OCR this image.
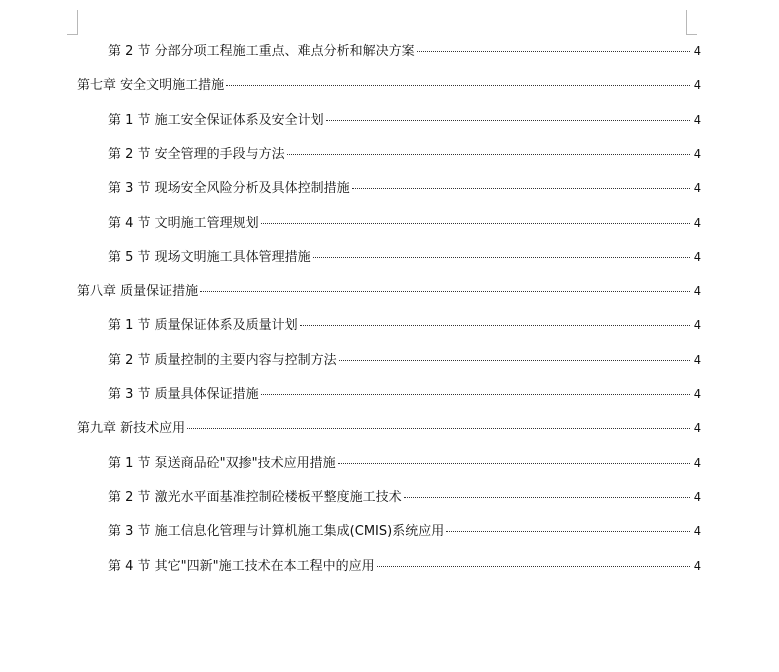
第 2 节 分部分项工程施工重点、难点分析和解决方案	4
第七章 安全文明施工措施	4
第 1 节 施工安全保证体系及安全计划	4
第 2 节 安全管理的手段与方法	4
第 3 节 现场安全风险分析及具体控制措施	4
第 4 节 文明施工管理规划	4
第 5 节 现场文明施工具体管理措施	4
第八章 质量保证措施	4
第 1 节 质量保证体系及质量计划	4
第 2 节 质量控制的主要内容与控制方法	4
第 3 节 质量具体保证措施	4
第九章 新技术应用	4
第 1 节 泵送商品砼"双掺"技术应用措施	4
第 2 节 激光水平面基准控制砼楼板平整度施工技术	4
第 3 节 施工信息化管理与计算机施工集成(CMIS)系统应用	4
第 4 节 其它"四新"施工技术在本工程中的应用	4
